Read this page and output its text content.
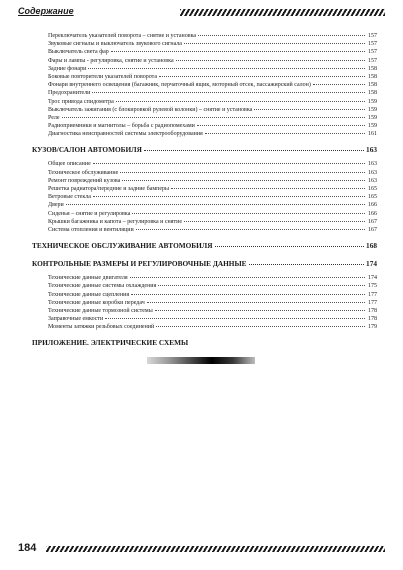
Содержание
Переключатель указателей поворота – снятие и установка	157
Звуковые сигналы и выключатель звукового сигнала	157
Выключатель света фар	157
Фары и лампы - регулировка, снятие и установка	157
Задние фонари	158
Боковые повторители указателей поворота	158
Фонари внутреннего освещения (багажник, перчаточный ящик, моторный отсек, пассажирский салон)	158
Предохранители	158
Трос привода спидометра	159
Выключатель зажигания (с блокировкой рулевой колонки) – снятие и установка	159
Реле	159
Радиоприемники и магнитолы – борьба с радиопомехами	159
Диагностика неисправностей системы электрооборудования	161
КУЗОВ/САЛОН АВТОМОБИЛЯ	163
Общее описание	163
Техническое обслуживание	163
Ремонт повреждений кузова	163
Решетка радиатора/передние и задние бамперы	165
Ветровые стекла	165
Двери	166
Сиденья – снятие и регулировка	166
Крышки багажника и капота – регулировка и снятие	167
Система отопления и вентиляции	167
ТЕХНИЧЕСКОЕ ОБСЛУЖИВАНИЕ АВТОМОБИЛЯ	168
КОНТРОЛЬНЫЕ РАЗМЕРЫ И РЕГУЛИРОВОЧНЫЕ ДАННЫЕ	174
Технические данные двигателя	174
Технические данные системы охлаждения	175
Технические данные сцепления	177
Технические данные коробки передач	177
Технические данные тормозной системы	178
Заправочные емкости	178
Моменты затяжки резьбовых соединений	179
ПРИЛОЖЕНИЕ. ЭЛЕКТРИЧЕСКИЕ СХЕМЫ
184
